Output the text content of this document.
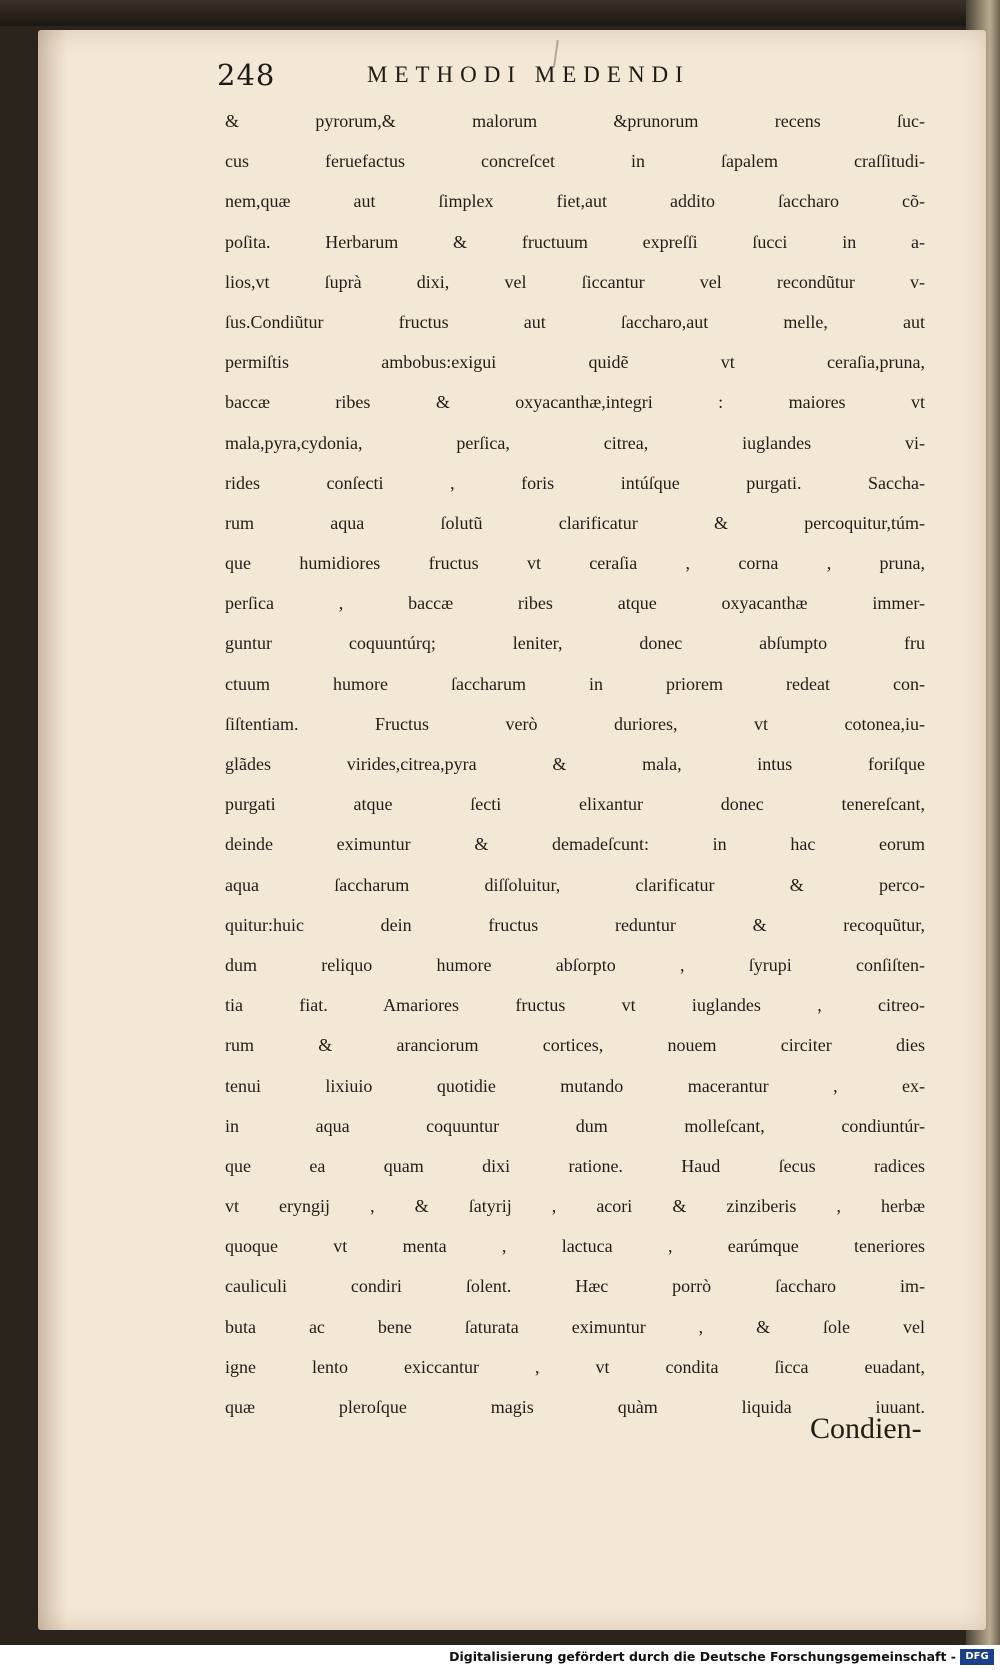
248	METHODI MEDENDI
& pyrorum,& malorum &prunorum recens ſuc-
cus feruefactus concreſcet in ſapalem craſſitudi-
nem,quæ aut ſimplex fiet,aut addito ſaccharo cõ-
poſita. Herbarum & fructuum expreſſi ſucci in a-
lios,vt ſuprà dixi, vel ſiccantur vel recondũtur v-
ſus.Condiũtur fructus aut ſaccharo,aut melle, aut
permiſtis ambobus:exigui quidẽ vt ceraſia,pruna,
baccæ ribes & oxyacanthæ,integri : maiores vt
mala,pyra,cydonia, perſica, citrea, iuglandes vi-
rides conſecti , foris intúſque purgati. Saccha-
rum aqua ſolutũ clarificatur & percoquitur,túm-
que humidiores fructus vt ceraſia , corna , pruna,
perſica , baccæ ribes atque oxyacanthæ immer-
guntur coquuntúrq; leniter, donec abſumpto fru
ctuum humore ſaccharum in priorem redeat con-
ſiſtentiam. Fructus verò duriores, vt cotonea,iu-
glãdes virides,citrea,pyra & mala, intus foriſque
purgati atque ſecti elixantur donec tenereſcant,
deinde eximuntur & demadeſcunt: in hac eorum
aqua ſaccharum diſſoluitur, clarificatur & perco-
quitur:huic dein fructus reduntur & recoquũtur,
dum reliquo humore abſorpto , ſyrupi conſiſten-
tia fiat. Amariores fructus vt iuglandes , citreo-
rum & aranciorum cortices, nouem circiter dies
tenui lixiuio quotidie mutando macerantur , ex-
in aqua coquuntur dum molleſcant, condiuntúr-
que ea quam dixi ratione. Haud ſecus radices
vt eryngij , & ſatyrij , acori & zinziberis , herbæ
quoque vt menta , lactuca , earúmque teneriores
cauliculi condiri ſolent. Hæc porrò ſaccharo im-
buta ac bene ſaturata eximuntur , & ſole vel
igne lento exiccantur , vt condita ſicca euadant,
quæ pleroſque magis quàm liquida iuuant.
Condien-
Digitalisierung gefördert durch die Deutsche Forschungsgemeinschaft - DFG
